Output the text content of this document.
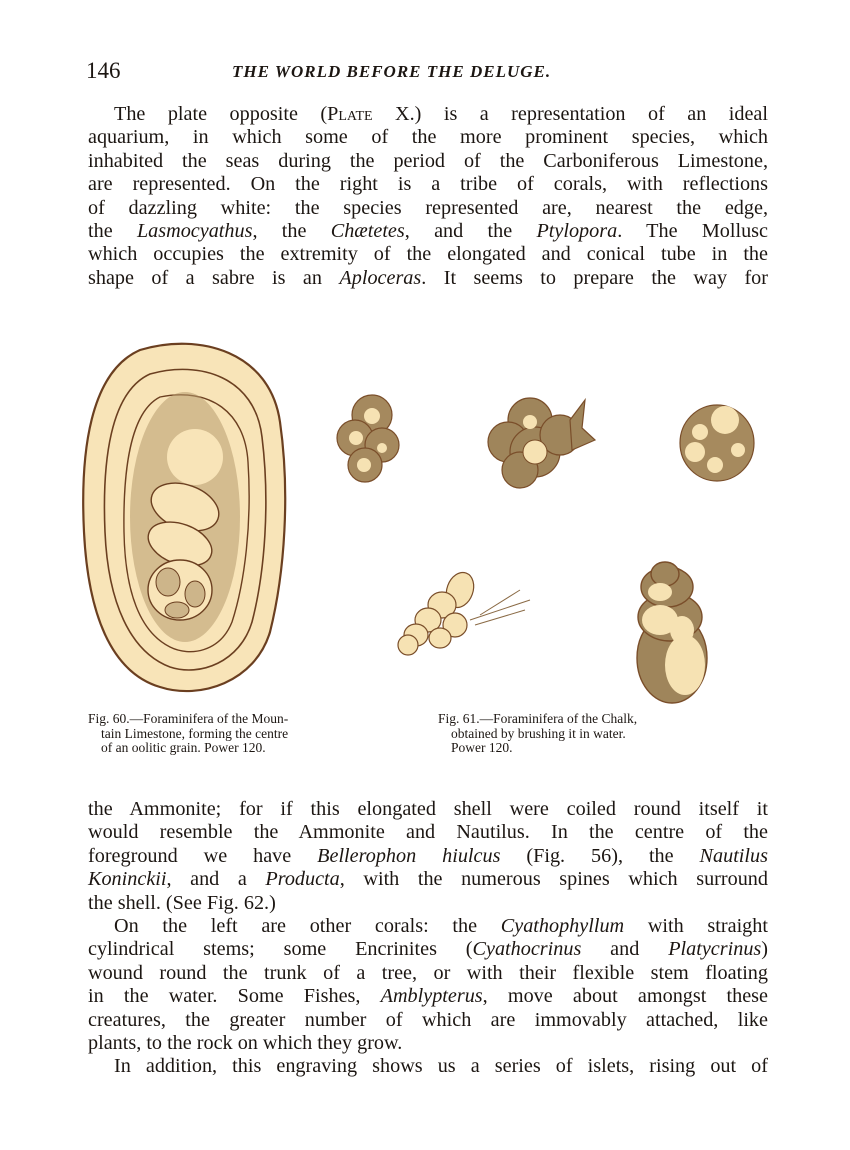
146	THE WORLD BEFORE THE DELUGE.
The plate opposite (Plate X.) is a representation of an ideal
aquarium, in which some of the more prominent species, which
inhabited the seas during the period of the Carboniferous Limestone,
are represented. On the right is a tribe of corals, with reflections
of dazzling white: the species represented are, nearest the edge,
the Lasmocyathus, the Chætetes, and the Ptylopora. The Mollusc
which occupies the extremity of the elongated and conical tube in the
shape of a sabre is an Aploceras. It seems to prepare the way for
Fig. 60.—Foraminifera of the Moun-
tain Limestone, forming the centre
of an oolitic grain. Power 120.
Fig. 61.—Foraminifera of the Chalk,
obtained by brushing it in water.
Power 120.
the Ammonite; for if this elongated shell were coiled round itself it
would resemble the Ammonite and Nautilus. In the centre of the
foreground we have Bellerophon hiulcus (Fig. 56), the Nautilus
Koninckii, and a Producta, with the numerous spines which surround
the shell. (See Fig. 62.)
On the left are other corals: the Cyathophyllum with straight
cylindrical stems; some Encrinites (Cyathocrinus and Platycrinus)
wound round the trunk of a tree, or with their flexible stem floating
in the water. Some Fishes, Amblypterus, move about amongst these
creatures, the greater number of which are immovably attached, like
plants, to the rock on which they grow.
In addition, this engraving shows us a series of islets, rising out of
